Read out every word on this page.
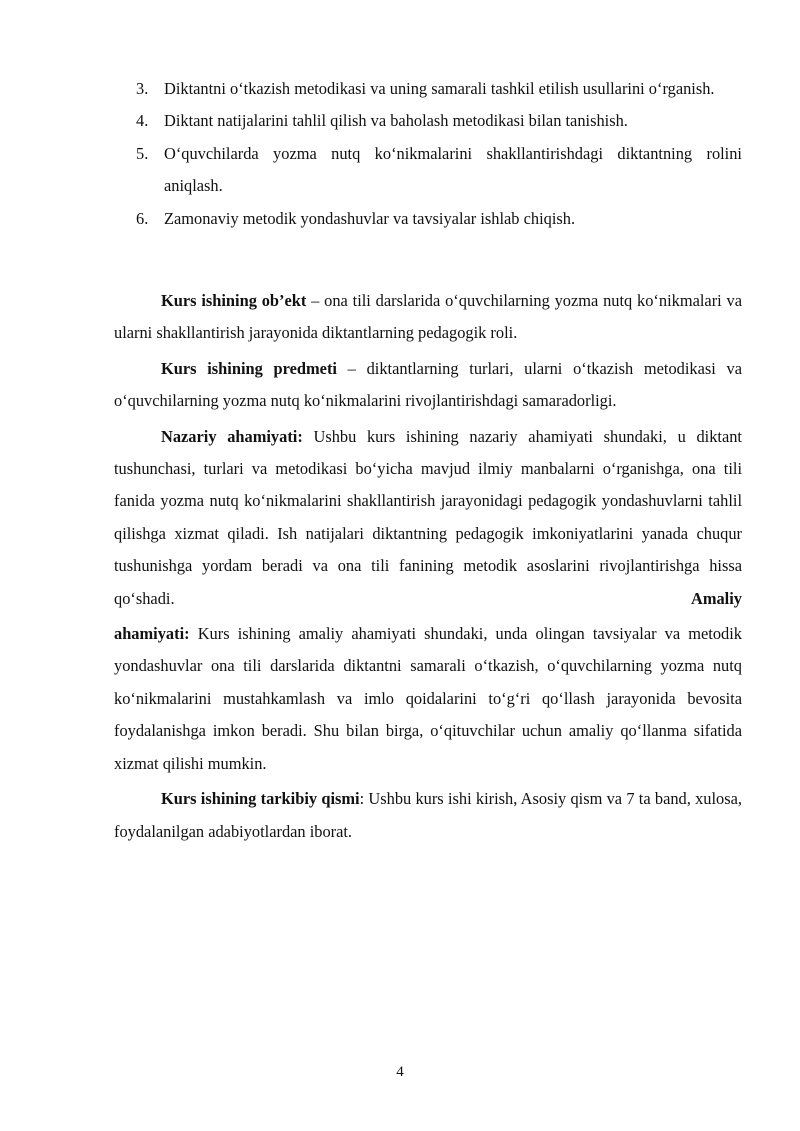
3. Diktantni o‘tkazish metodikasi va uning samarali tashkil etilish usullarini o‘rganish.
4. Diktant natijalarini tahlil qilish va baholash metodikasi bilan tanishish.
5. O‘quvchilarda yozma nutq ko‘nikmalarini shakllantirishdagi diktantning rolini aniqlash.
6. Zamonaviy metodik yondashuvlar va tavsiyalar ishlab chiqish.

Kurs ishining ob’ekt – ona tili darslarida o‘quvchilarning yozma nutq ko‘nikmalari va ularni shakllantirish jarayonida diktantlarning pedagogik roli.

Kurs ishining predmeti – diktantlarning turlari, ularni o‘tkazish metodikasi va o‘quvchilarning yozma nutq ko‘nikmalarini rivojlantirishdagi samaradorligi.

Nazariy ahamiyati: Ushbu kurs ishining nazariy ahamiyati shundaki, u diktant tushunchasi, turlari va metodikasi bo‘yicha mavjud ilmiy manbalarni o‘rganishga, ona tili fanida yozma nutq ko‘nikmalarini shakllantirish jarayonidagi pedagogik yondashuvlarni tahlil qilishga xizmat qiladi. Ish natijalari diktantning pedagogik imkoniyatlarini yanada chuqur tushunishga yordam beradi va ona tili fanining metodik asoslarini rivojlantirishga hissa qo‘shadi.	Amaliy

ahamiyati: Kurs ishining amaliy ahamiyati shundaki, unda olingan tavsiyalar va metodik yondashuvlar ona tili darslarida diktantni samarali o‘tkazish, o‘quvchilarning yozma nutq ko‘nikmalarini mustahkamlash va imlo qoidalarini to‘g‘ri qo‘llash jarayonida bevosita foydalanishga imkon beradi. Shu bilan birga, o‘qituvchilar uchun amaliy qo‘llanma sifatida xizmat qilishi mumkin.

Kurs ishining tarkibiy qismi: Ushbu kurs ishi kirish, Asosiy qism va 7 ta band, xulosa, foydalanilgan adabiyotlardan iborat.

4
